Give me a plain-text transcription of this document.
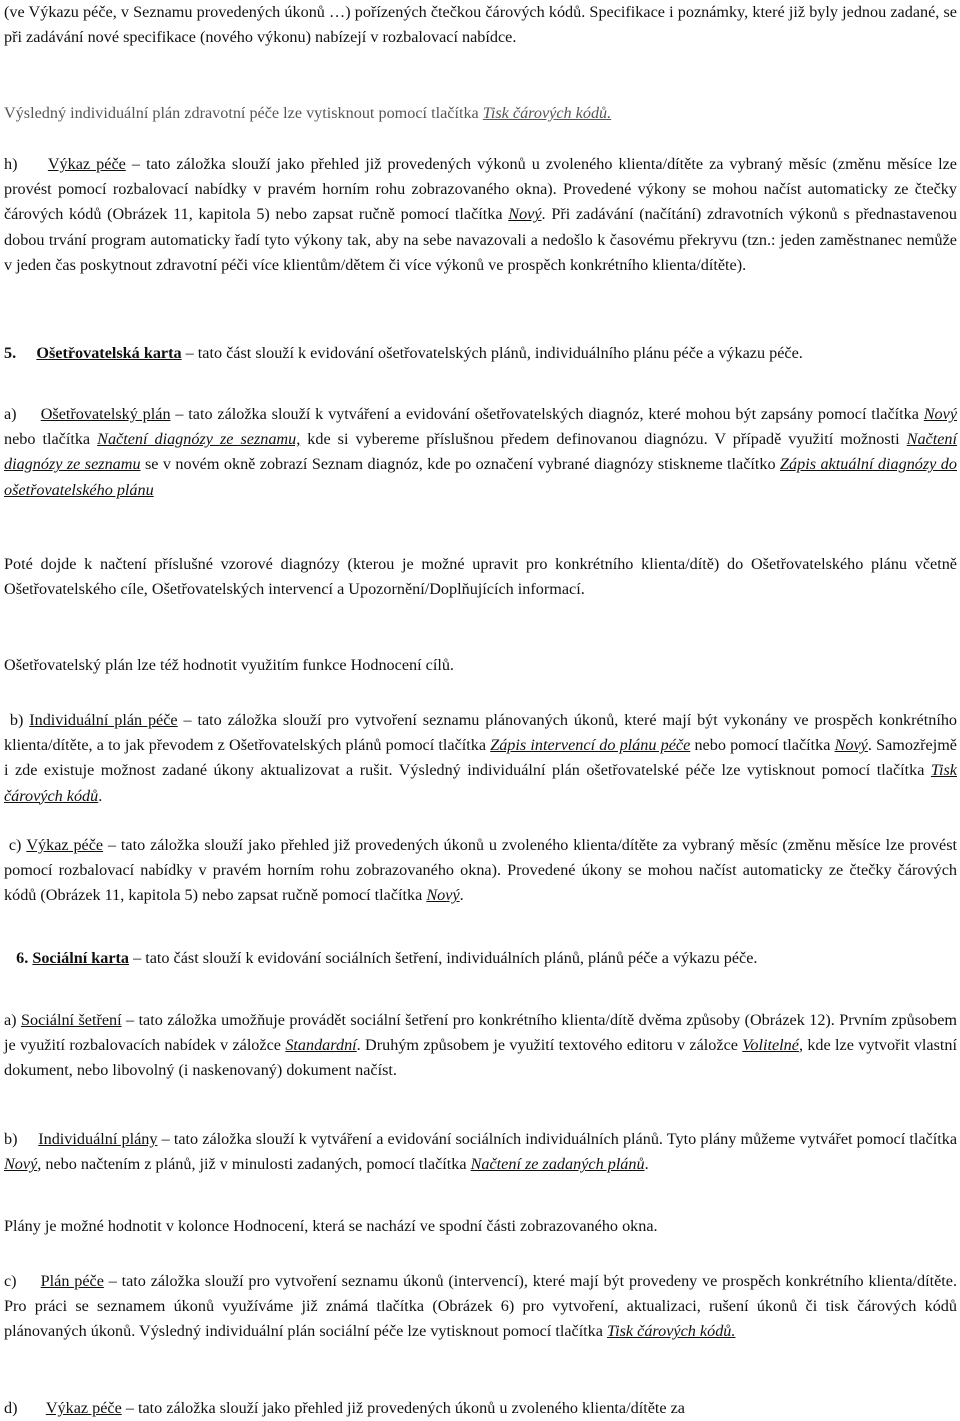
(ve Výkazu péče, v Seznamu provedených úkonů …) pořízených čtečkou čárových kódů. Specifikace i poznámky, které již byly jednou zadané, se při zadávání nové specifikace (nového výkonu) nabízejí v rozbalovací nabídce.

Výsledný individuální plán zdravotní péče lze vytisknout pomocí tlačítka Tisk čárových kódů.

h) Výkaz péče – tato záložka slouží jako přehled již provedených výkonů u zvoleného klienta/dítěte za vybraný měsíc (změnu měsíce lze provést pomocí rozbalovací nabídky v pravém horním rohu zobrazovaného okna). Provedené výkony se mohou načíst automaticky ze čtečky čárových kódů (Obrázek 11, kapitola 5) nebo zapsat ručně pomocí tlačítka Nový. Při zadávání (načítání) zdravotních výkonů s přednastavenou dobou trvání program automaticky řadí tyto výkony tak, aby na sebe navazovali a nedošlo k časovému překryvu (tzn.: jeden zaměstnanec nemůže v jeden čas poskytnout zdravotní péči více klientům/dětem či více výkonů ve prospěch konkrétního klienta/dítěte).

5. Ošetřovatelská karta – tato část slouží k evidování ošetřovatelských plánů, individuálního plánu péče a výkazu péče.

a) Ošetřovatelský plán – tato záložka slouží k vytváření a evidování ošetřovatelských diagnóz, které mohou být zapsány pomocí tlačítka Nový nebo tlačítka Načtení diagnózy ze seznamu, kde si vybereme příslušnou předem definovanou diagnózu. V případě využití možnosti Načtení diagnózy ze seznamu se v novém okně zobrazí Seznam diagnóz, kde po označení vybrané diagnózy stiskneme tlačítko Zápis aktuální diagnózy do ošetřovatelského plánu

Poté dojde k načtení příslušné vzorové diagnózy (kterou je možné upravit pro konkrétního klienta/dítě) do Ošetřovatelského plánu včetně Ošetřovatelského cíle, Ošetřovatelských intervencí a Upozornění/Doplňujících informací.

Ošetřovatelský plán lze též hodnotit využitím funkce Hodnocení cílů.

b) Individuální plán péče – tato záložka slouží pro vytvoření seznamu plánovaných úkonů, které mají být vykonány ve prospěch konkrétního klienta/dítěte, a to jak převodem z Ošetřovatelských plánů pomocí tlačítka Zápis intervencí do plánu péče nebo pomocí tlačítka Nový. Samozřejmě i zde existuje možnost zadané úkony aktualizovat a rušit. Výsledný individuální plán ošetřovatelské péče lze vytisknout pomocí tlačítka Tisk čárových kódů.

c) Výkaz péče – tato záložka slouží jako přehled již provedených úkonů u zvoleného klienta/dítěte za vybraný měsíc (změnu měsíce lze provést pomocí rozbalovací nabídky v pravém horním rohu zobrazovaného okna). Provedené úkony se mohou načíst automaticky ze čtečky čárových kódů (Obrázek 11, kapitola 5) nebo zapsat ručně pomocí tlačítka Nový.

6. Sociální karta – tato část slouží k evidování sociálních šetření, individuálních plánů, plánů péče a výkazu péče.

a) Sociální šetření – tato záložka umožňuje provádět sociální šetření pro konkrétního klienta/dítě dvěma způsoby (Obrázek 12). Prvním způsobem je využití rozbalovacích nabídek v záložce Standardní. Druhým způsobem je využití textového editoru v záložce Volitelné, kde lze vytvořit vlastní dokument, nebo libovolný (i naskenovaný) dokument načíst.

b) Individuální plány – tato záložka slouží k vytváření a evidování sociálních individuálních plánů. Tyto plány můžeme vytvářet pomocí tlačítka Nový, nebo načtením z plánů, již v minulosti zadaných, pomocí tlačítka Načtení ze zadaných plánů.

Plány je možné hodnotit v kolonce Hodnocení, která se nachází ve spodní části zobrazovaného okna.

c) Plán péče – tato záložka slouží pro vytvoření seznamu úkonů (intervencí), které mají být provedeny ve prospěch konkrétního klienta/dítěte. Pro práci se seznamem úkonů využíváme již známá tlačítka (Obrázek 6) pro vytvoření, aktualizaci, rušení úkonů či tisk čárových kódů plánovaných úkonů. Výsledný individuální plán sociální péče lze vytisknout pomocí tlačítka Tisk čárových kódů.

d) Výkaz péče – tato záložka slouží jako přehled již provedených úkonů u zvoleného klienta/dítěte za
